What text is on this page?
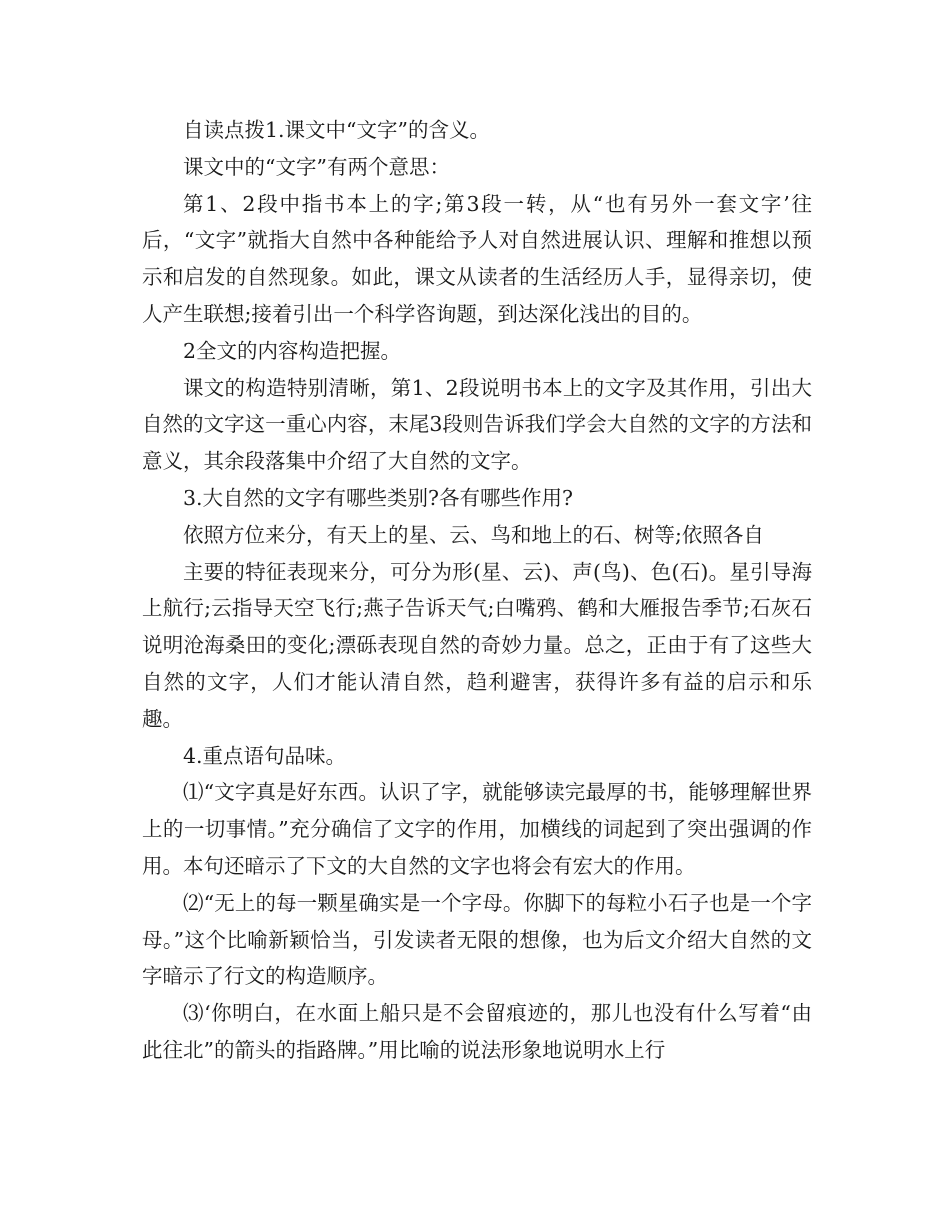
自读点拨1.课文中“文字”的含义。

课文中的“文字”有两个意思：

第1、2段中指书本上的字;第3段一转，从“也有另外一套文字’往后，“文字”就指大自然中各种能给予人对自然进展认识、理解和推想以预示和启发的自然现象。如此，课文从读者的生活经历人手，显得亲切，使人产生联想;接着引出一个科学咨询题，到达深化浅出的目的。

2全文的内容构造把握。

课文的构造特别清晰，第1、2段说明书本上的文字及其作用，引出大自然的文字这一重心内容，末尾3段则告诉我们学会大自然的文字的方法和意义，其余段落集中介绍了大自然的文字。

3.大自然的文字有哪些类别?各有哪些作用?

依照方位来分，有天上的星、云、鸟和地上的石、树等;依照各自

主要的特征表现来分，可分为形(星、云)、声(鸟)、色(石)。星引导海上航行;云指导天空飞行;燕子告诉天气;白嘴鸦、鹤和大雁报告季节;石灰石说明沧海桑田的变化;漂砾表现自然的奇妙力量。总之，正由于有了这些大自然的文字，人们才能认清自然，趋利避害，获得许多有益的启示和乐趣。

4.重点语句品味。

⑴“文字真是好东西。认识了字，就能够读完最厚的书，能够理解世界上的一切事情。”充分确信了文字的作用，加横线的词起到了突出强调的作用。本句还暗示了下文的大自然的文字也将会有宏大的作用。

⑵“无上的每一颗星确实是一个字母。你脚下的每粒小石子也是一个字母。”这个比喻新颖恰当，引发读者无限的想像，也为后文介绍大自然的文字暗示了行文的构造顺序。

⑶‘你明白，在水面上船只是不会留痕迹的，那儿也没有什么写着“由此往北”的箭头的指路牌。”用比喻的说法形象地说明水上行
